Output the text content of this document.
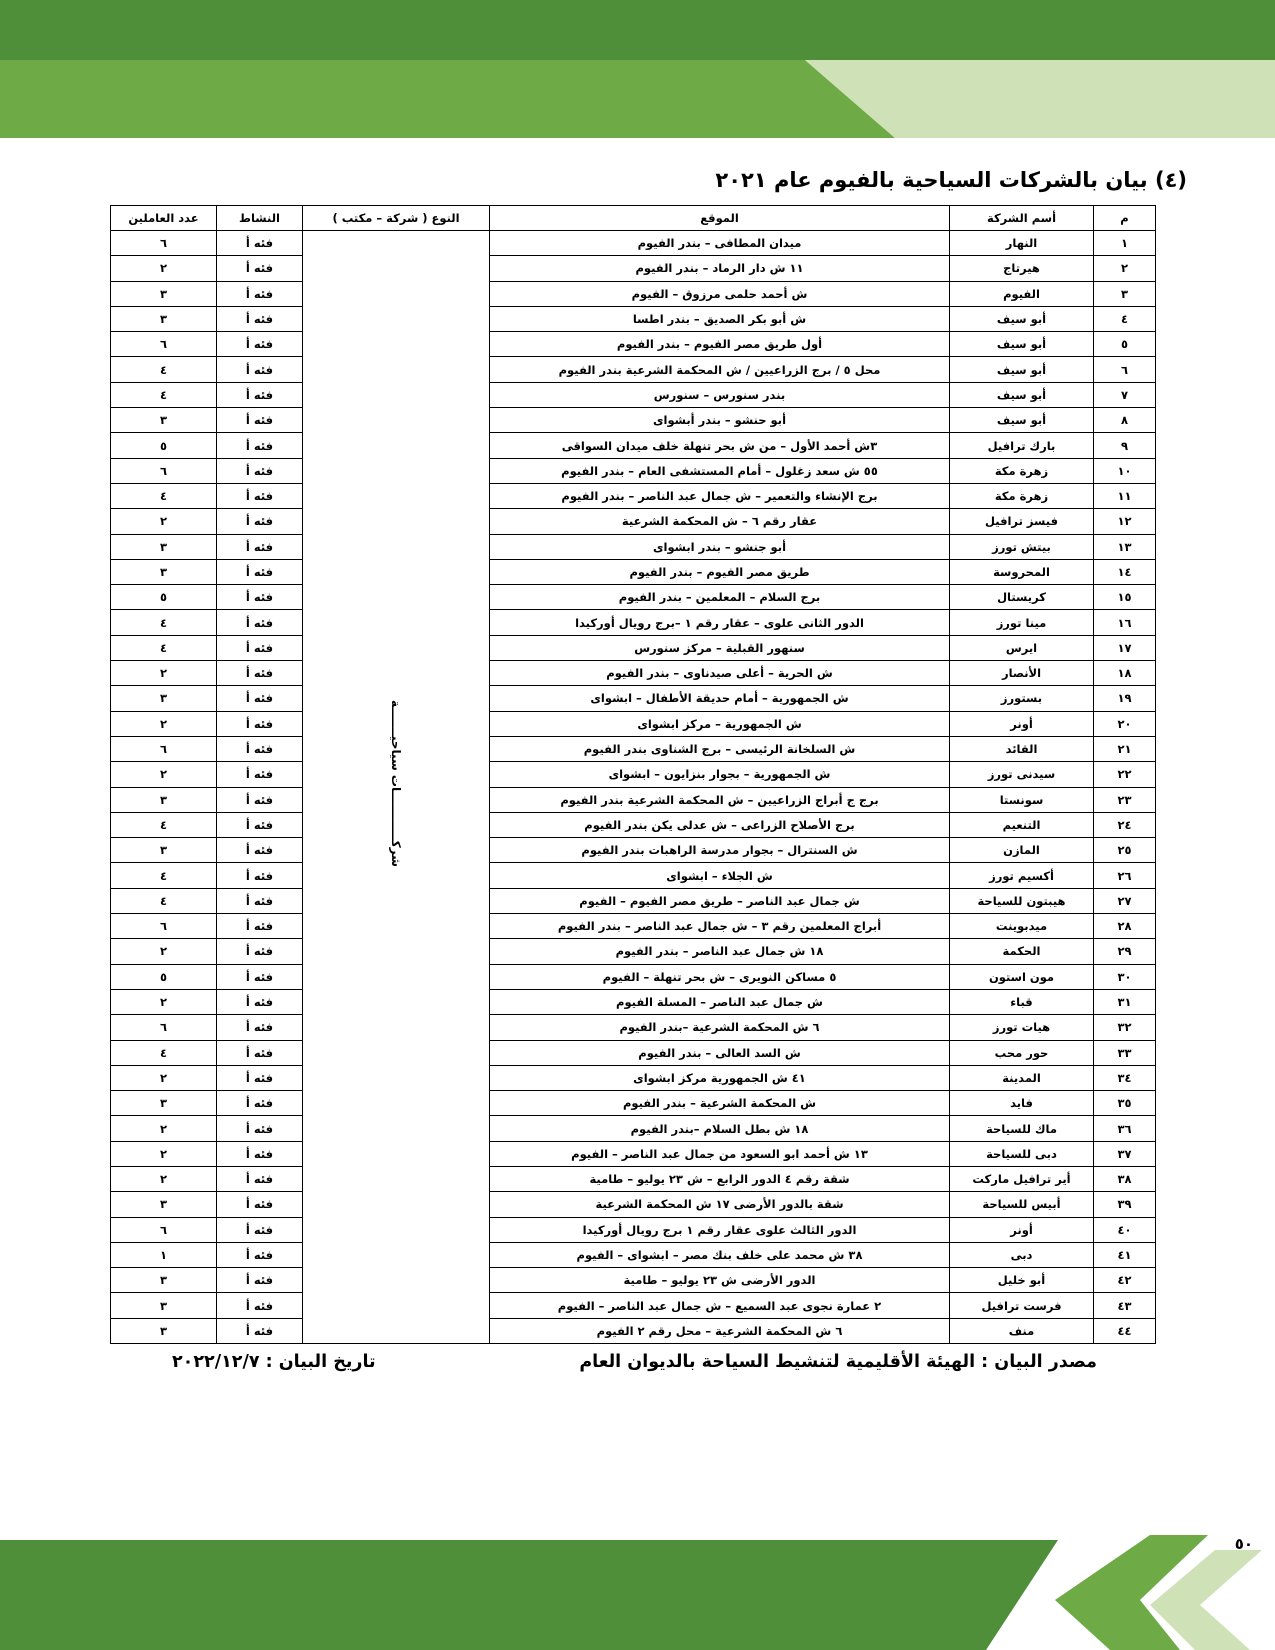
(٤) بيان بالشركات السياحية بالفيوم عام ٢٠٢١
م	أسم الشركة	الموقع	النوع ( شركة – مكتب )	النشاط	عدد العاملين
١	النهار	ميدان المطافى – بندر الفيوم	شركــــــــــــات سياحيـــــــة	فئه أ	٦
٢	هيرتاج	١١ ش دار الرماد – بندر الفيوم		فئه أ	٢
٣	الفيوم	ش أحمد حلمى مرزوق – الفيوم		فئه أ	٣
٤	أبو سيف	ش أبو بكر الصديق – بندر اطسا		فئه أ	٣
٥	أبو سيف	أول طريق مصر الفيوم – بندر الفيوم		فئه أ	٦
٦	أبو سيف	محل ٥ / برج الزراعيين / ش المحكمة الشرعية بندر الفيوم		فئه أ	٤
٧	أبو سيف	بندر سنورس – سنورس		فئه أ	٤
٨	أبو سيف	أبو حنشو – بندر أبشواى		فئه أ	٣
٩	بارك ترافيل	٣ش أحمد الأول – من ش بحر تنهلة خلف ميدان السواقى		فئه أ	٥
١٠	زهرة مكة	٥٥ ش سعد زغلول – أمام المستشفى العام – بندر الفيوم		فئه أ	٦
١١	زهرة مكة	برج الإنشاء والتعمير – ش جمال عبد الناصر – بندر الفيوم		فئه أ	٤
١٢	فيسز ترافيل	عقار رقم ٦ – ش المحكمة الشرعية		فئه أ	٢
١٣	بيتش تورز	أبو جنشو – بندر ابشواى		فئه أ	٣
١٤	المحروسة	طريق مصر الفيوم – بندر الفيوم		فئه أ	٣
١٥	كريستال	برج السلام – المعلمين – بندر الفيوم		فئه أ	٥
١٦	مينا تورز	الدور الثانى علوى – عقار رقم ١ –برج رويال أوركيدا		فئه أ	٤
١٧	ايرس	سنهور القبلية – مركز سنورس		فئه أ	٤
١٨	الأنصار	ش الحرية – أعلى صيدناوى – بندر الفيوم		فئه أ	٢
١٩	بستورز	ش الجمهورية – أمام حديقة الأطفال – ابشواى		فئه أ	٣
٢٠	أونر	ش الجمهورية – مركز ابشواى		فئه أ	٢
٢١	القائد	ش السلخانة الرئيسى – برج الشناوى بندر الفيوم		فئه أ	٦
٢٢	سيدنى تورز	ش الجمهورية – بجوار بنزايون – ابشواى		فئه أ	٢
٢٣	سونستا	برج ج أبراج الزراعيين – ش المحكمة الشرعية بندر الفيوم		فئه أ	٣
٢٤	التنعيم	برج الأصلاح الزراعى – ش عدلى يكن بندر الفيوم		فئه أ	٤
٢٥	المازن	ش السنترال – بجوار مدرسة الراهبات بندر الفيوم		فئه أ	٣
٢٦	أكسيم تورز	ش الجلاء – ابشواى		فئه أ	٤
٢٧	هيبتون للسياحة	ش جمال عبد الناصر – طريق مصر الفيوم – الفيوم		فئه أ	٤
٢٨	ميدبوينت	أبراج المعلمين رقم ٣ – ش جمال عبد الناصر – بندر الفيوم		فئه أ	٦
٢٩	الحكمة	١٨ ش جمال عبد الناصر – بندر الفيوم		فئه أ	٢
٣٠	مون استون	٥ مساكن النويرى – ش بحر تنهلة – الفيوم		فئه أ	٥
٣١	قباء	ش جمال عبد الناصر – المسلة الفيوم		فئه أ	٢
٣٢	هيات تورز	٦ ش المحكمة الشرعية –بندر الفيوم		فئه أ	٦
٣٣	حور محب	ش السد العالى – بندر الفيوم		فئه أ	٤
٣٤	المدينة	٤١ ش الجمهورية مركز ابشواى		فئه أ	٢
٣٥	فايد	ش المحكمة الشرعية – بندر الفيوم		فئه أ	٣
٣٦	ماك للسياحة	١٨ ش بطل السلام –بندر الفيوم		فئه أ	٢
٣٧	دبى للسياحة	١٣ ش أحمد ابو السعود من جمال عبد الناصر – الفيوم		فئه أ	٢
٣٨	أير ترافيل ماركت	شقة رقم ٤ الدور الرابع – ش ٢٣ يوليو – طامية		فئه أ	٢
٣٩	أبيس للسياحة	شقة بالدور الأرضى ١٧ ش المحكمة الشرعية		فئه أ	٣
٤٠	أونر	الدور الثالث علوى عقار رقم ١ برج رويال أوركيدا		فئه أ	٦
٤١	دبى	٣٨ ش محمد على خلف بنك مصر – ابشواى – الفيوم		فئه أ	١
٤٢	أبو خليل	الدور الأرضى ش ٢٣ يوليو – طامية		فئه أ	٣
٤٣	فرست ترافيل	٢ عمارة نجوى عبد السميع – ش جمال عبد الناصر – الفيوم		فئه أ	٣
٤٤	منف	٦ ش المحكمة الشرعية – محل رقم ٢ الفيوم		فئه أ	٣
مصدر البيان : الهيئة الأقليمية لتنشيط السياحة بالديوان العام
تاريخ البيان : ٢٠٢٢/١٢/٧
٥٠
